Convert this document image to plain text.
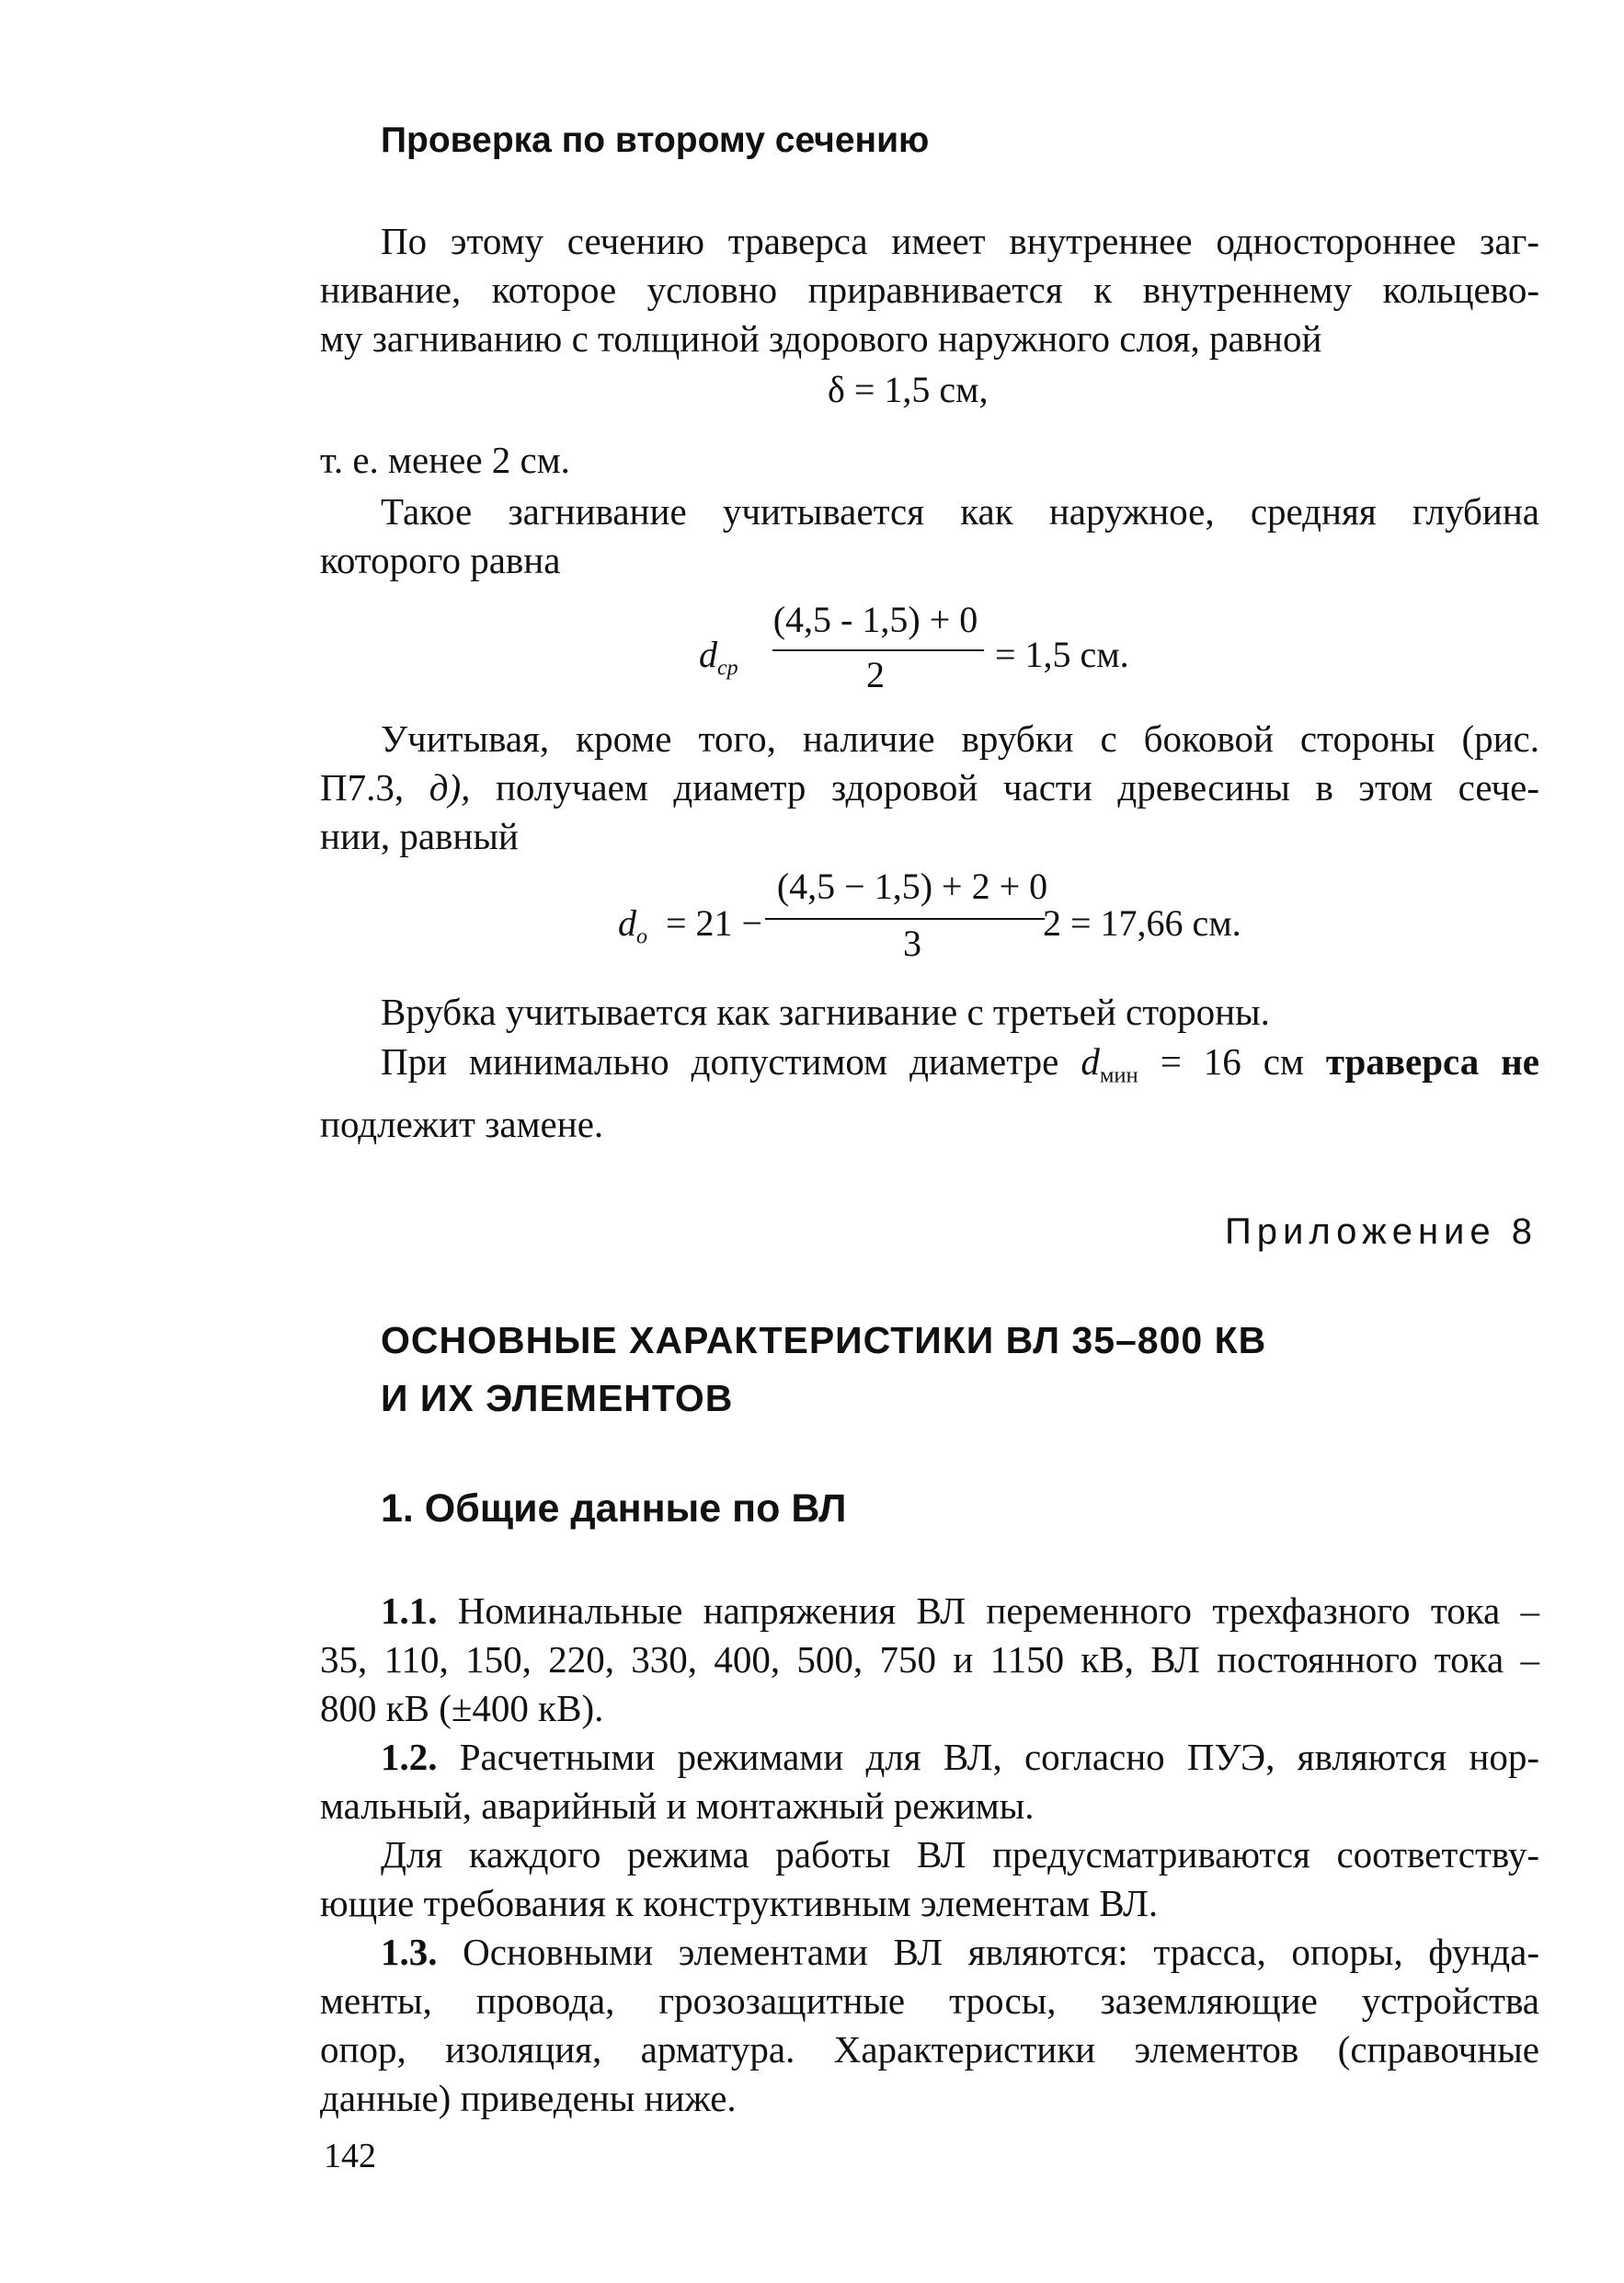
Проверка по второму сечению
По этому сечению траверса имеет внутреннее одностороннее заг-
нивание, которое условно приравнивается к внутреннему кольцево-
му загниванию с толщиной здорового наружного слоя, равной
δ = 1,5 см,
т. е. менее 2 см.
Такое загнивание учитывается как наружное, средняя глубина
которого равна
$d_{ср}$
(4,5 - 1,5) + 0
2	= 1,5 см.
Учитывая, кроме того, наличие врубки с боковой стороны (рис.
П7.3, д), получаем диаметр здоровой части древесины в этом сече-
нии, равный
$d_о = 21$ −
(4,5 − 1,5) + 2 + 0
3	2 = 17,66 см.
Врубка учитывается как загнивание с третьей стороны.
При минимально допустимом диаметре $d_{мин} = 16$ см траверса не
подлежит замене.
Приложение 8
ОСНОВНЫЕ ХАРАКТЕРИСТИКИ ВЛ 35–800 КВ
И ИХ ЭЛЕМЕНТОВ
1. Общие данные по ВЛ
1.1. Номинальные напряжения ВЛ переменного трехфазного тока –
35, 110, 150, 220, 330, 400, 500, 750 и 1150 кВ, ВЛ постоянного тока –
800 кВ (±400 кВ).
1.2. Расчетными режимами для ВЛ, согласно ПУЭ, являются нор-
мальный, аварийный и монтажный режимы.
Для каждого режима работы ВЛ предусматриваются соответству-
ющие требования к конструктивным элементам ВЛ.
1.3. Основными элементами ВЛ являются: трасса, опоры, фунда-
менты, провода, грозозащитные тросы, заземляющие устройства
опор, изоляция, арматура. Характеристики элементов (справочные
данные) приведены ниже.
142
